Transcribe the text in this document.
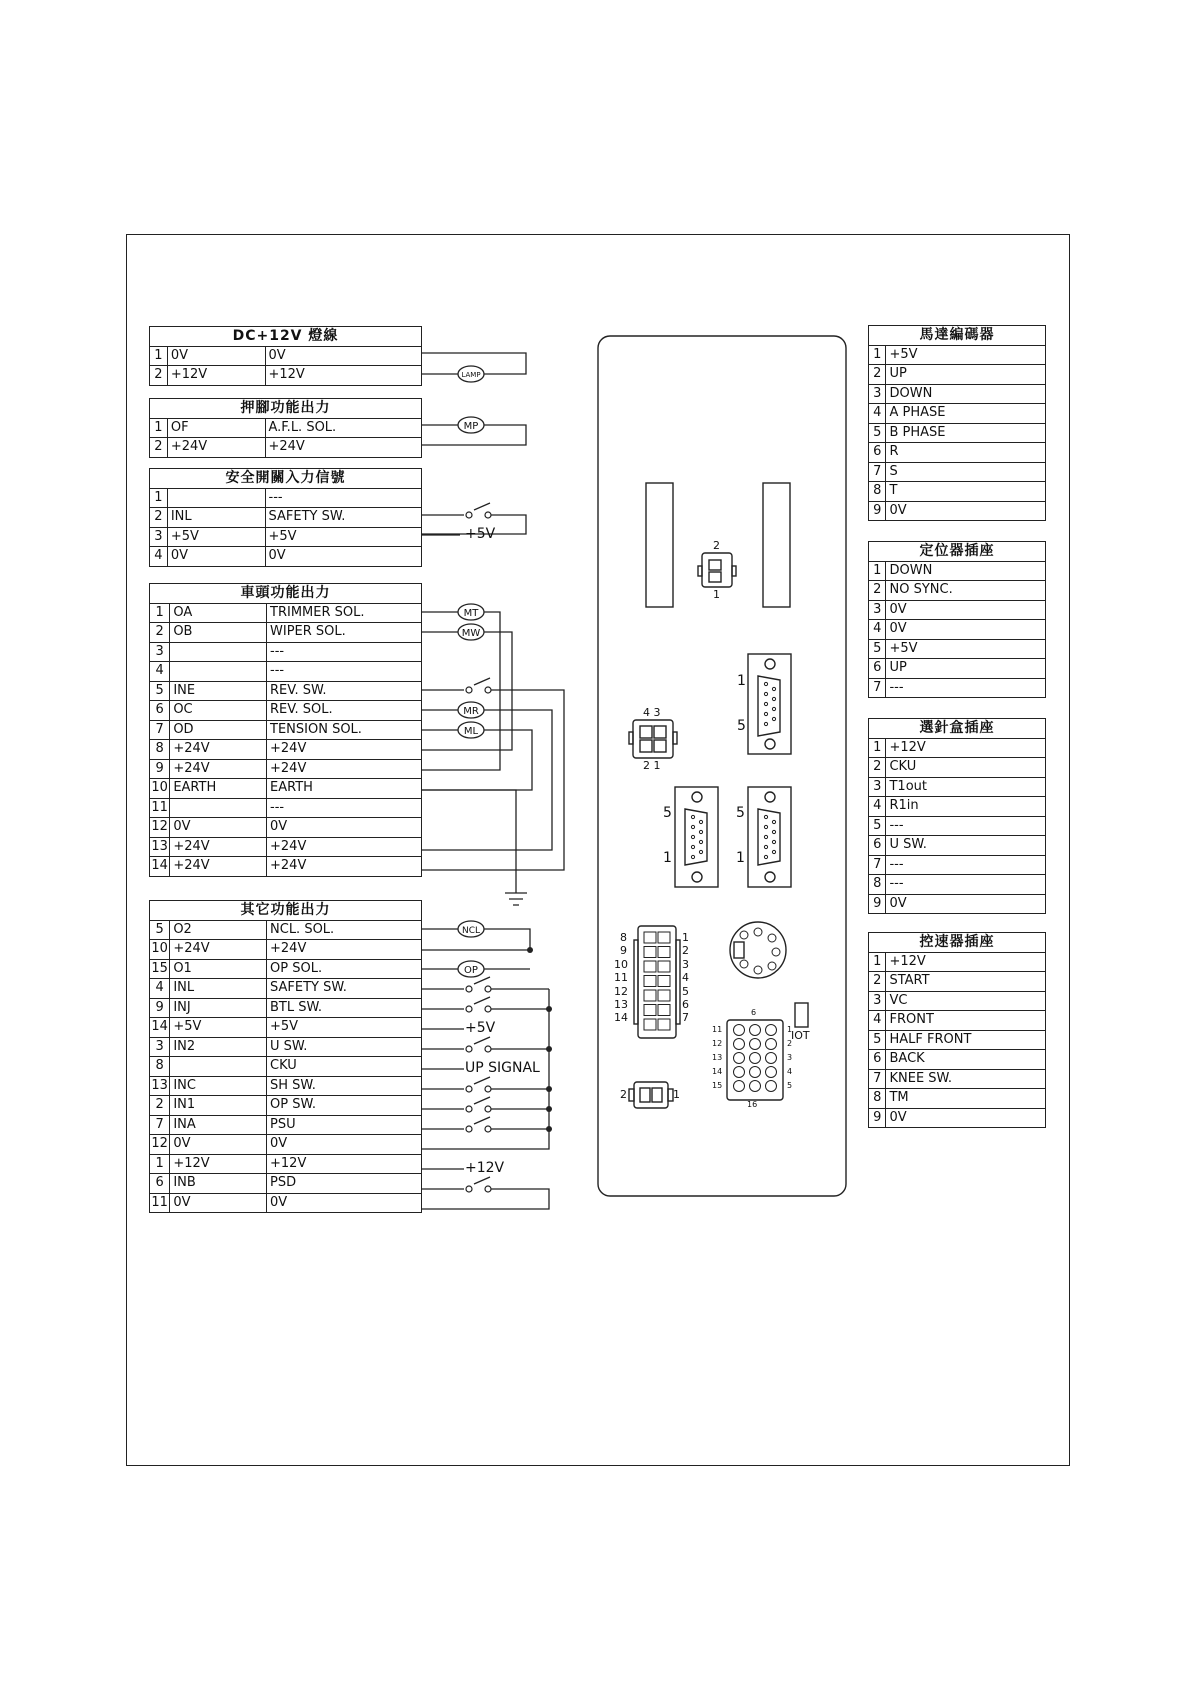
LAMP
MP
MT
MW
MR
ML
NCL
OP
DC+12V 燈線		
1	0V	0V
2	+12V	+12V
押腳功能出力		
1	OF	A.F.L. SOL.
2	+24V	+24V
安全開關入力信號		
1		---
2	INL	SAFETY SW.
3	+5V	+5V
4	0V	0V
車頭功能出力		
1	OA	TRIMMER SOL.
2	OB	WIPER SOL.
3		---
4		---
5	INE	REV. SW.
6	OC	REV. SOL.
7	OD	TENSION SOL.
8	+24V	+24V
9	+24V	+24V
10	EARTH	EARTH
11		---
12	0V	0V
13	+24V	+24V
14	+24V	+24V
其它功能出力		
5	O2	NCL. SOL.
10	+24V	+24V
15	O1	OP SOL.
4	INL	SAFETY SW.
9	INJ	BTL SW.
14	+5V	+5V
3	IN2	U SW.
8		CKU
13	INC	SH SW.
2	IN1	OP SW.
7	INA	PSU
12	0V	0V
1	+12V	+12V
6	INB	PSD
11	0V	0V
馬達編碼器	
1	+5V
2	UP
3	DOWN
4	A PHASE
5	B PHASE
6	R
7	S
8	T
9	0V
定位器插座	
1	DOWN
2	NO SYNC.
3	0V
4	0V
5	+5V
6	UP
7	---
選針盒插座	
1	+12V
2	CKU
3	T1out
4	R1in
5	---
6	U SW.
7	---
8	---
9	0V
控速器插座	
1	+12V
2	START
3	VC
4	FRONT
5	HALF FRONT
6	BACK
7	KNEE SW.
8	TM
9	0V
+5V
+5V
UP SIGNAL
+12V
2
1
4 3
2 1
1
5
5
1
5
1
8
9
10
11
12
13
14
1
2
3
4
5
6
7
IOT
2	1
6
16
11
12
13
14
15
1
2
3
4
5
